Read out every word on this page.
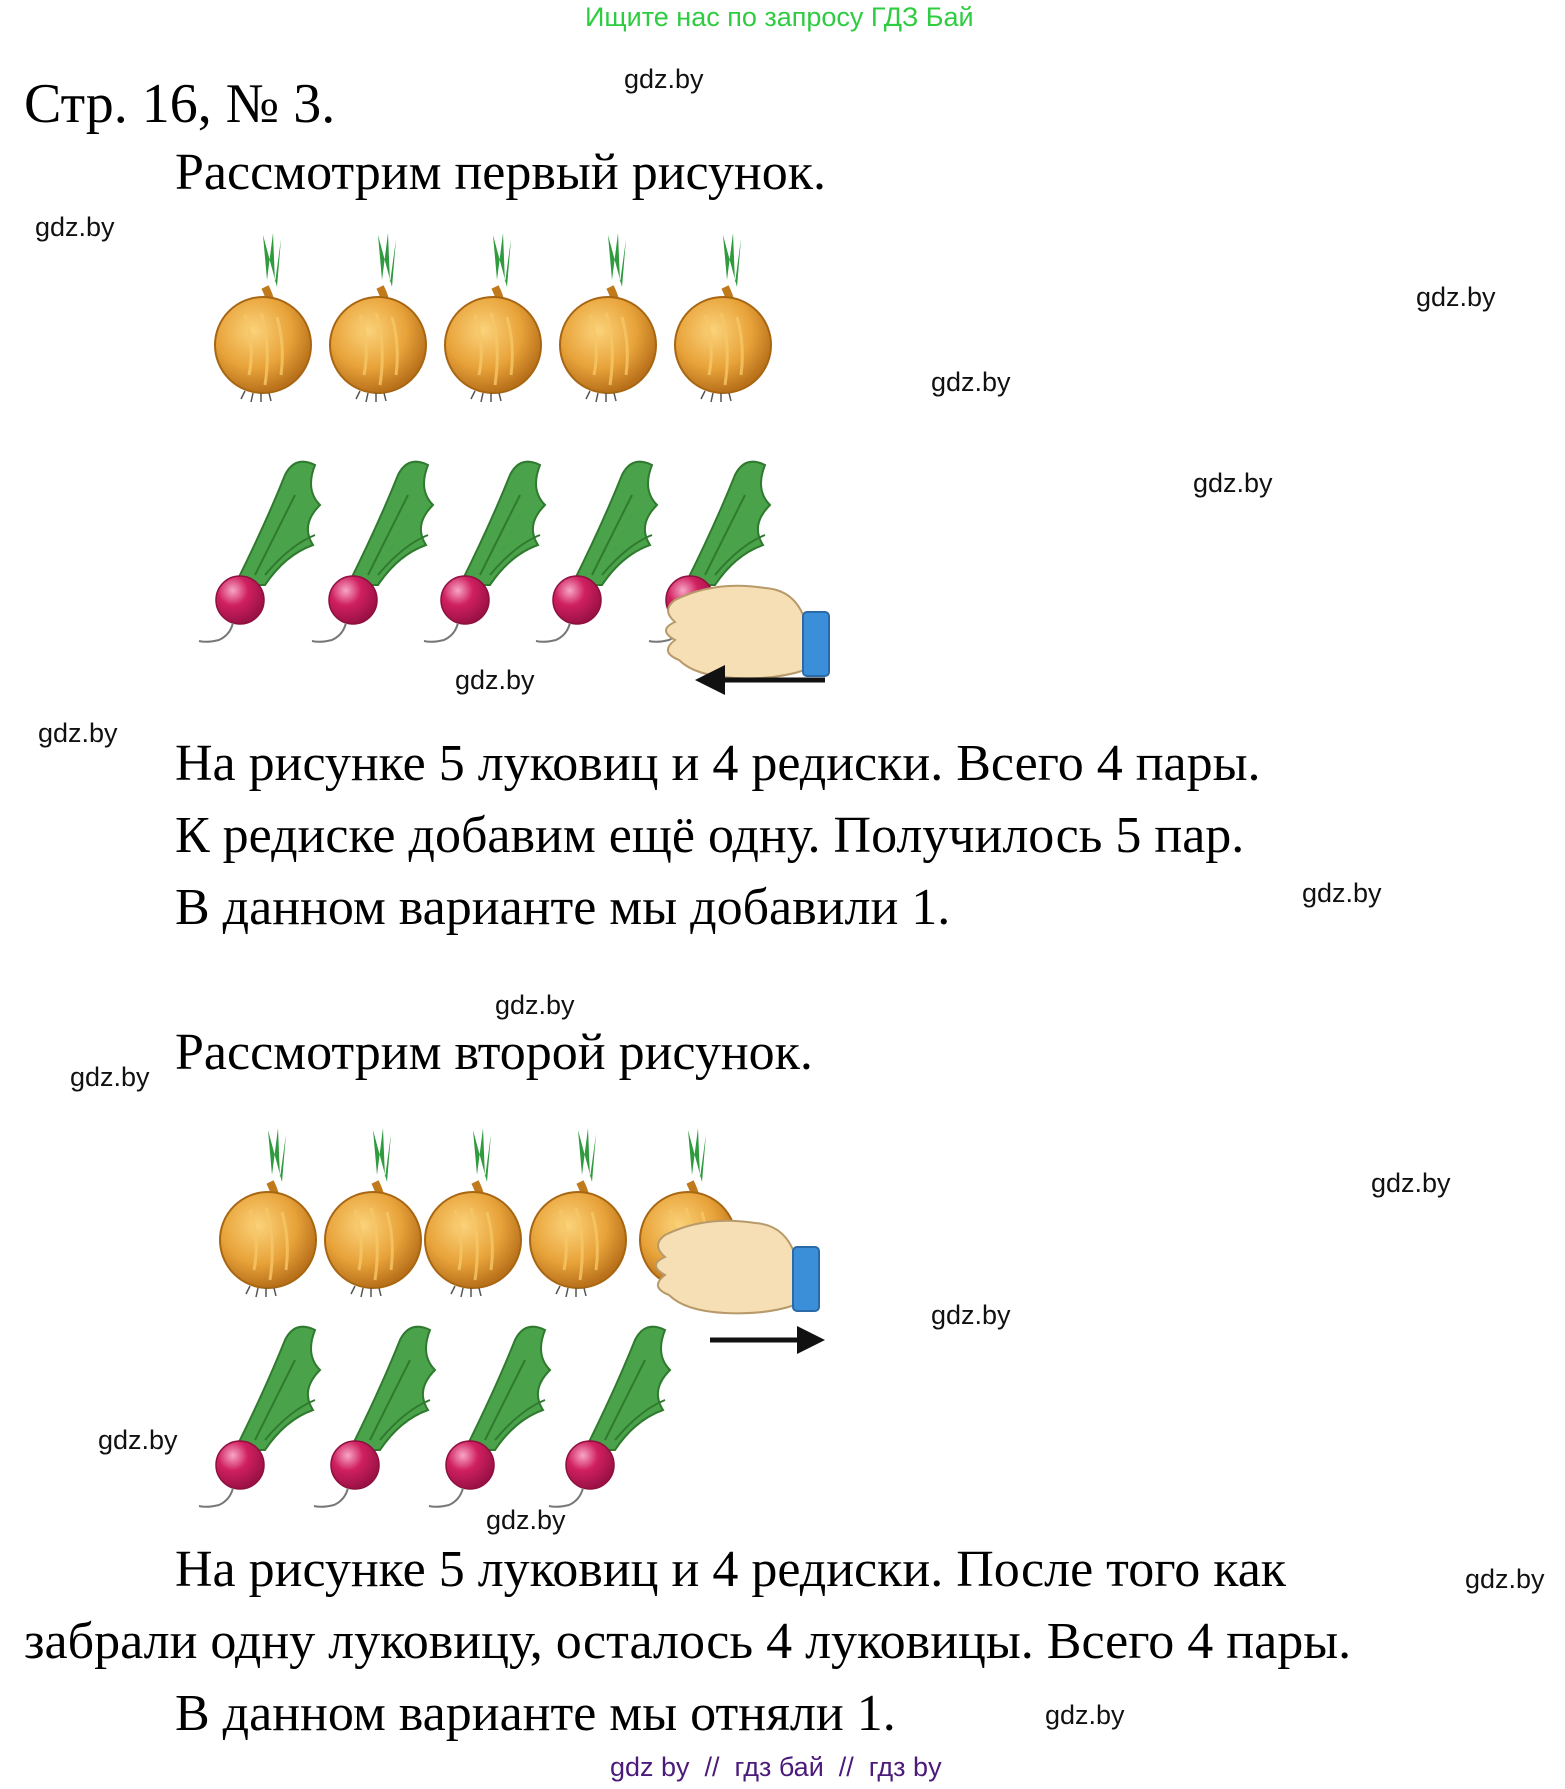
Ищите нас по запросу ГДЗ Бай
Стр. 16, № 3.
Рассмотрим первый рисунок.
На рисунке 5 луковиц и 4 редиски. Всего 4 пары.
К редиске добавим ещё одну. Получилось 5 пар.
В данном варианте мы добавили 1.
Рассмотрим второй рисунок.
На рисунке 5 луковиц и 4 редиски. После того как
забрали одну луковицу, осталось 4 луковицы. Всего 4 пары.
В данном варианте мы отняли 1.
gdz.by
gdz.by
gdz.by
gdz.by
gdz.by
gdz.by
gdz.by
gdz.by
gdz.by
gdz.by
gdz.by
gdz.by
gdz.by
gdz.by
gdz.by
gdz.by
gdz by  //  гдз бай  //  гдз by
